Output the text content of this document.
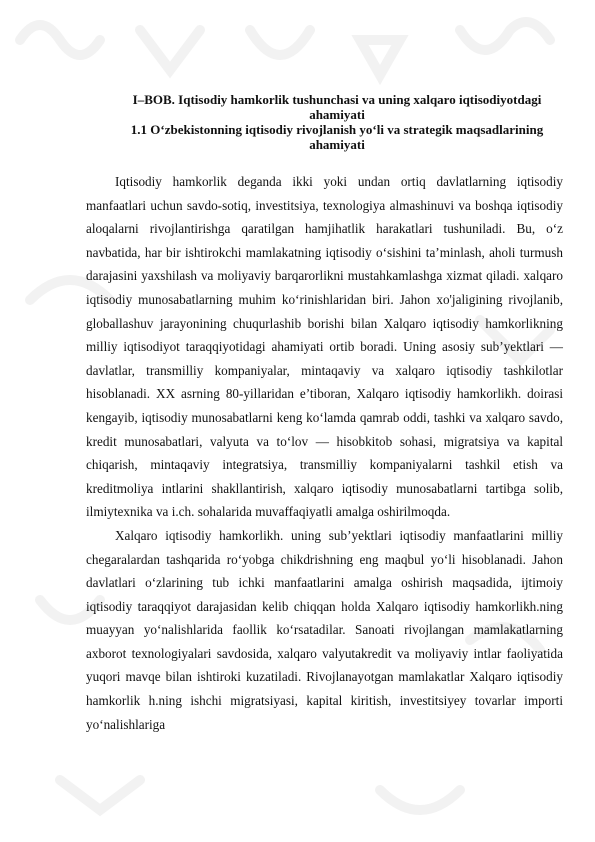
I–BOB. Iqtisodiy hamkorlik tushunchasi va uning xalqaro iqtisodiyotdagi ahamiyati
1.1 O‘zbekistonning iqtisodiy rivojlanish yo‘li va strategik maqsadlarining ahamiyati

Iqtisodiy hamkorlik deganda ikki yoki undan ortiq davlatlarning iqtisodiy manfaatlari uchun savdo-sotiq, investitsiya, texnologiya almashinuvi va boshqa iqtisodiy aloqalarni rivojlantirishga qaratilgan hamjihatlik harakatlari tushuniladi. Bu, o‘z navbatida, har bir ishtirokchi mamlakatning iqtisodiy o‘sishini ta’minlash, aholi turmush darajasini yaxshilash va moliyaviy barqarorlikni mustahkamlashga xizmat qiladi. xalqaro iqtisodiy munosabatlarning muhim ko‘rinishlaridan biri. Jahon xo'jaligining rivojlanib, globallashuv jarayonining chuqurlashib borishi bilan Xalqaro iqtisodiy hamkorlikning milliy iqtisodiyot taraqqiyotidagi ahamiyati ortib boradi. Uning asosiy sub’yektlari — davlatlar, transmilliy kompaniyalar, mintaqaviy va xalqaro iqtisodiy tashkilotlar hisoblanadi. XX asrning 80-yillaridan e’tiboran, Xalqaro iqtisodiy hamkorlikh. doirasi kengayib, iqtisodiy munosabatlarni keng ko‘lamda qamrab oddi, tashki va xalqaro savdo, kredit munosabatlari, valyuta va to‘lov — hisobkitob sohasi, migratsiya va kapital chiqarish, mintaqaviy integratsiya, transmilliy kompaniyalarni tashkil etish va kreditmoliya intlarini shakllantirish, xalqaro iqtisodiy munosabatlarni tartibga solib, ilmiytexnika va i.ch. sohalarida muvaffaqiyatli amalga oshirilmoqda.

Xalqaro iqtisodiy hamkorlikh. uning sub’yektlari iqtisodiy manfaatlarini milliy chegaralardan tashqarida ro‘yobga chikdrishning eng maqbul yo‘li hisoblanadi. Jahon davlatlari o‘zlarining tub ichki manfaatlarini amalga oshirish maqsadida, ijtimoiy iqtisodiy taraqqiyot darajasidan kelib chiqqan holda Xalqaro iqtisodiy hamkorlikh.ning muayyan yo‘nalishlarida faollik ko‘rsatadilar. Sanoati rivojlangan mamlakatlarning axborot texnologiyalari savdosida, xalqaro valyutakredit va moliyaviy intlar faoliyatida yuqori mavqe bilan ishtiroki kuzatiladi. Rivojlanayotgan mamlakatlar Xalqaro iqtisodiy hamkorlik h.ning ishchi migratsiyasi, kapital kiritish, investitsiyey tovarlar importi yo‘nalishlariga
